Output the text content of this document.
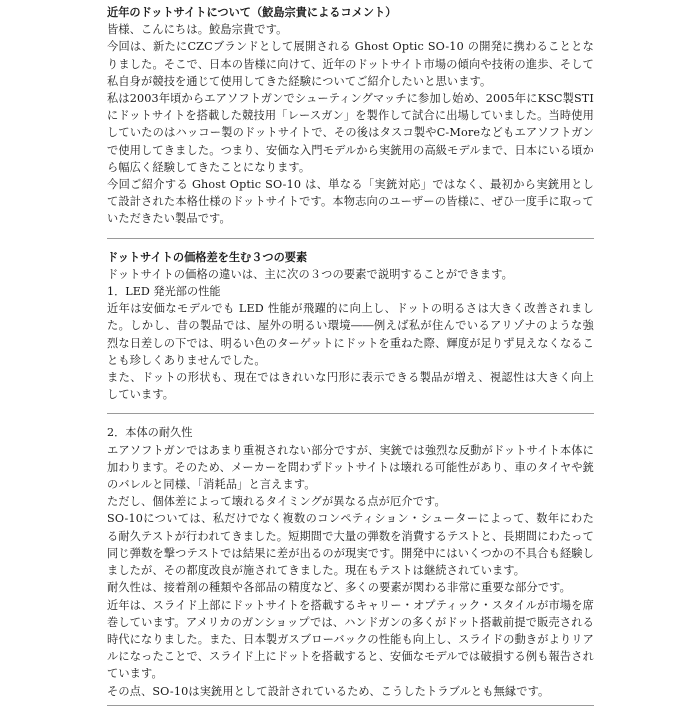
近年のドットサイトについて（鮫島宗貴によるコメント）

皆様、こんにちは。鮫島宗貴です。

今回は、新たにCZCブランドとして展開される Ghost Optic SO-10 の開発に携わることとなりました。そこで、日本の皆様に向けて、近年のドットサイト市場の傾向や技術の進歩、そして私自身が競技を通じて使用してきた経験についてご紹介したいと思います。

私は2003年頃からエアソフトガンでシューティングマッチに参加し始め、2005年にKSC製STIにドットサイトを搭載した競技用「レースガン」を製作して試合に出場していました。当時使用していたのはハッコー製のドットサイトで、その後はタスコ製やC-Moreなどもエアソフトガンで使用してきました。つまり、安価な入門モデルから実銃用の高級モデルまで、日本にいる頃から幅広く経験してきたことになります。

今回ご紹介する Ghost Optic SO-10 は、単なる「実銃対応」ではなく、最初から実銃用として設計された本格仕様のドットサイトです。本物志向のユーザーの皆様に、ぜひ一度手に取っていただきたい製品です。

ドットサイトの価格差を生む３つの要素

ドットサイトの価格の違いは、主に次の３つの要素で説明することができます。

1．LED 発光部の性能

近年は安価なモデルでも LED 性能が飛躍的に向上し、ドットの明るさは大きく改善されました。しかし、昔の製品では、屋外の明るい環境――例えば私が住んでいるアリゾナのような強烈な日差しの下では、明るい色のターゲットにドットを重ねた際、輝度が足りず見えなくなることも珍しくありませんでした。

また、ドットの形状も、現在ではきれいな円形に表示できる製品が増え、視認性は大きく向上しています。

2．本体の耐久性

エアソフトガンではあまり重視されない部分ですが、実銃では強烈な反動がドットサイト本体に加わります。そのため、メーカーを問わずドットサイトは壊れる可能性があり、車のタイヤや銃のバレルと同様、「消耗品」と言えます。

ただし、個体差によって壊れるタイミングが異なる点が厄介です。

SO-10については、私だけでなく複数のコンペティション・シューターによって、数年にわたる耐久テストが行われてきました。短期間で大量の弾数を消費するテストと、長期間にわたって同じ弾数を撃つテストでは結果に差が出るのが現実です。開発中にはいくつかの不具合も経験しましたが、その都度改良が施されてきました。現在もテストは継続されています。

耐久性は、接着剤の種類や各部品の精度など、多くの要素が関わる非常に重要な部分です。

近年は、スライド上部にドットサイトを搭載するキャリー・オプティック・スタイルが市場を席巻しています。アメリカのガンショップでは、ハンドガンの多くがドット搭載前提で販売される時代になりました。また、日本製ガスブローバックの性能も向上し、スライドの動きがよりリアルになったことで、スライド上にドットを搭載すると、安価なモデルでは破損する例も報告されています。

その点、SO-10は実銃用として設計されているため、こうしたトラブルとも無縁です。
